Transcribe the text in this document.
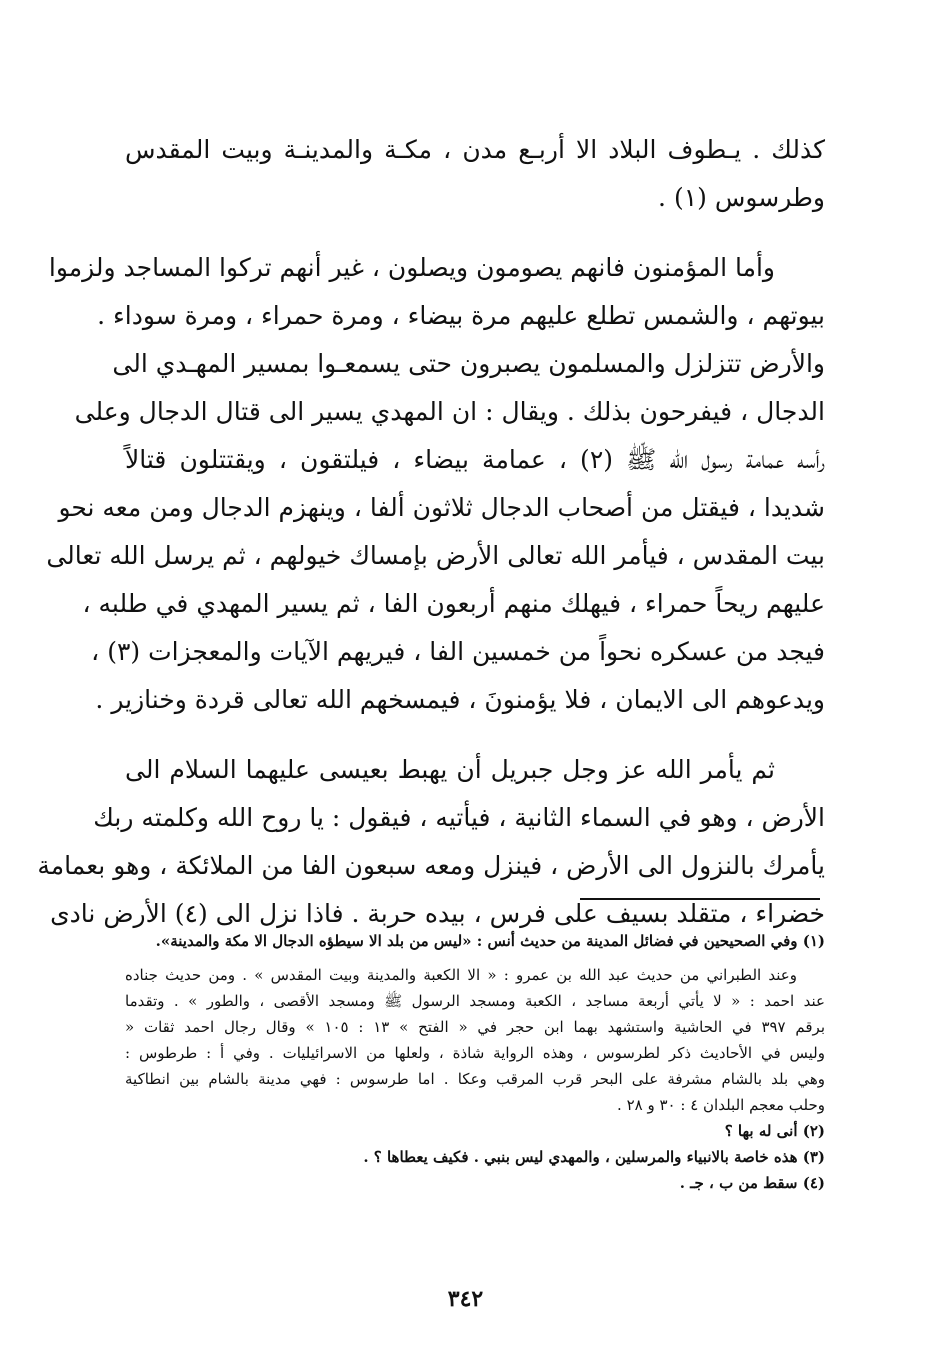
كذلك . يـطوف البلاد الا أربـع مدن ، مكـة والمدينـة وبيت المقدس
وطرسوس (١) .
وأما المؤمنون فانهم يصومون ويصلون ، غير أنهم تركوا المساجد ولزموا
بيوتهم ، والشمس تطلع عليهم مرة بيضاء ، ومرة حمراء ، ومرة سوداء .
والأرض تتزلزل والمسلمون يصبرون حتى يسمعـوا بمسير المهـدي الى
الدجال ، فيفرحون بذلك . ويقال : ان المهدي يسير الى قتال الدجال وعلى
رأسه عمامة رسول الله ﷺ (٢) ، عمامة بيضاء ، فيلتقون ، ويقتتلون قتالاً
شديدا ، فيقتل من أصحاب الدجال ثلاثون ألفا ، وينهزم الدجال ومن معه نحو
بيت المقدس ، فيأمر الله تعالى الأرض بإمساك خيولهم ، ثم يرسل الله تعالى
عليهم ريحاً حمراء ، فيهلك منهم أربعون الفا ، ثم يسير المهدي في طلبه ،
فيجد من عسكره نحواً من خمسين الفا ، فيريهم الآيات والمعجزات (٣) ،
ويدعوهم الى الايمان ، فلا يؤمنونَ ، فيمسخهم الله تعالى قردة وخنازير .
ثم يأمر الله عز وجل جبريل أن يهبط بعيسى عليهما السلام الى
الأرض ، وهو في السماء الثانية ، فيأتيه ، فيقول : يا روح الله وكلمته ربك
يأمرك بالنزول الى الأرض ، فينزل ومعه سبعون الفا من الملائكة ، وهو بعمامة
خضراء ، متقلد بسيف على فرس ، بيده حربة . فاذا نزل الى (٤) الأرض نادى
(١) وفي الصحيحين في فضائل المدينة من حديث أنس : «ليس من بلد الا سيطؤه الدجال الا مكة والمدينة».
وعند الطبراني من حديث عبد الله بن عمرو : « الا الكعبة والمدينة وبيت المقدس » . ومن حديث جناده
عند احمد : « لا يأتي أربعة مساجد ، الكعبة ومسجد الرسول ﷺ ومسجد الأقصى ، والطور » . وتقدما
برقم ٣٩٧ في الحاشية واستشهد بهما ابن حجر في « الفتح » ١٣ : ١٠٥ » وقال رجال احمد ثقات «
وليس في الأحاديث ذكر لطرسوس ، وهذه الرواية شاذة ، ولعلها من الاسرائيليات . وفي أ : طرطوس :
وهي بلد بالشام مشرفة على البحر قرب المرقب وعكا . اما طرسوس : فهي مدينة بالشام بين انطاكية
وحلب معجم البلدان ٤ : ٣٠ و ٢٨ .
(٢) أنى له بها ؟
(٣) هذه خاصة بالانبياء والمرسلين ، والمهدي ليس بنبي . فكيف يعطاها ؟ .
(٤) سقط من ب ، جـ .
٣٤٢
